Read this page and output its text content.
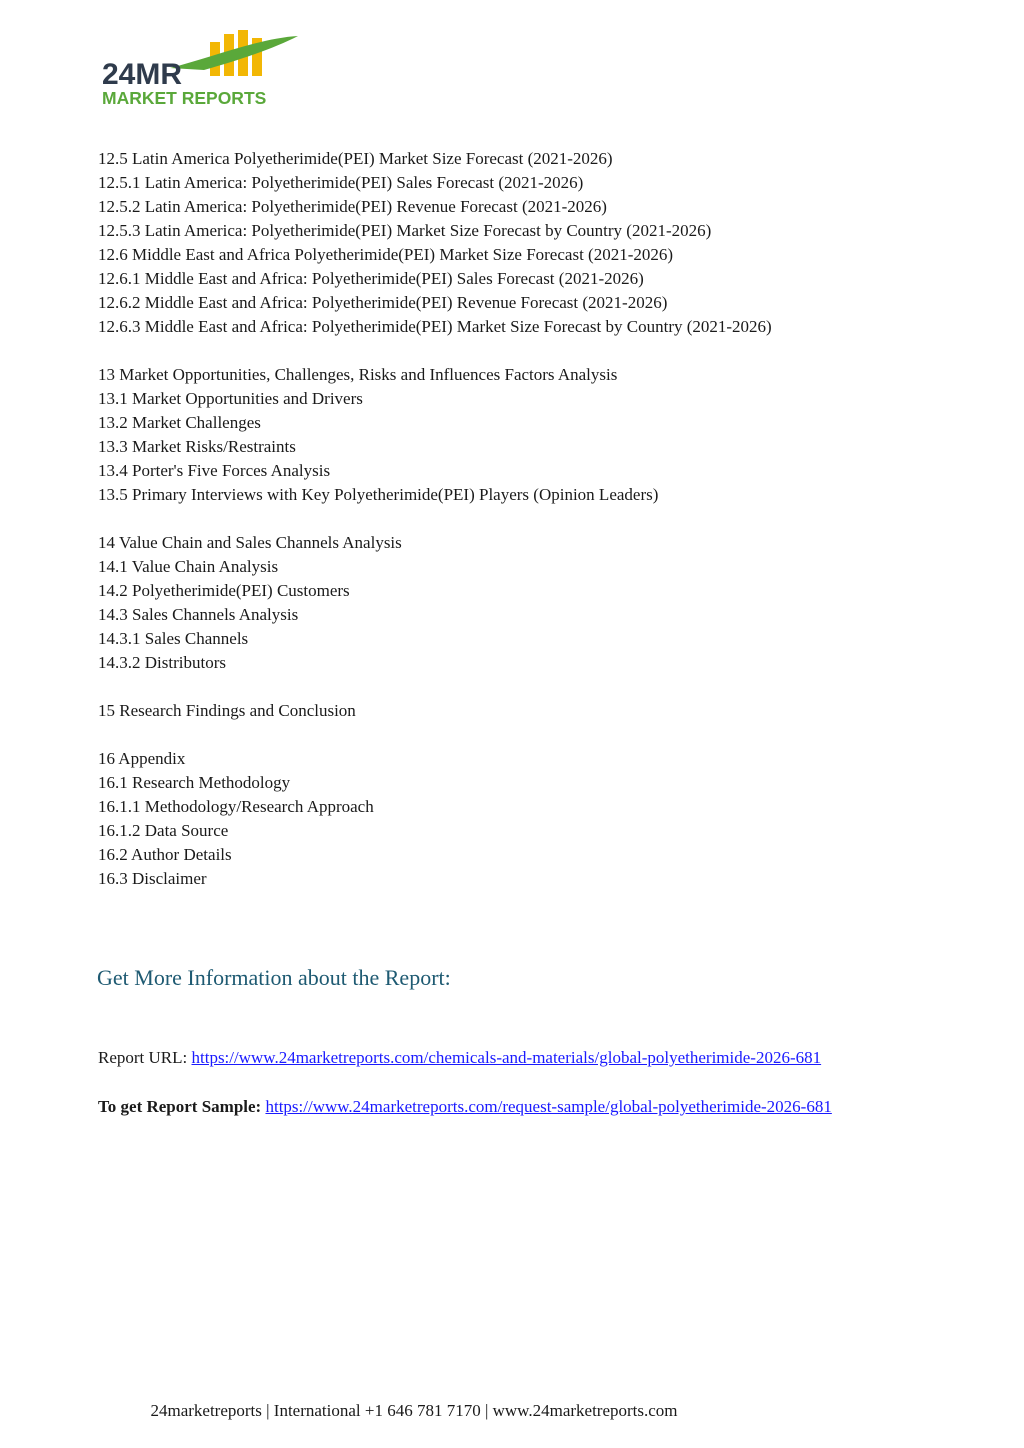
24MR
MARKET REPORTS
12.5 Latin America Polyetherimide(PEI) Market Size Forecast (2021-2026)
12.5.1 Latin America: Polyetherimide(PEI) Sales Forecast (2021-2026)
12.5.2 Latin America: Polyetherimide(PEI) Revenue Forecast (2021-2026)
12.5.3 Latin America: Polyetherimide(PEI) Market Size Forecast by Country (2021-2026)
12.6 Middle East and Africa Polyetherimide(PEI) Market Size Forecast (2021-2026)
12.6.1 Middle East and Africa: Polyetherimide(PEI) Sales Forecast (2021-2026)
12.6.2 Middle East and Africa: Polyetherimide(PEI) Revenue Forecast (2021-2026)
12.6.3 Middle East and Africa: Polyetherimide(PEI) Market Size Forecast by Country (2021-2026)
13 Market Opportunities, Challenges, Risks and Influences Factors Analysis
13.1 Market Opportunities and Drivers
13.2 Market Challenges
13.3 Market Risks/Restraints
13.4 Porter's Five Forces Analysis
13.5 Primary Interviews with Key Polyetherimide(PEI) Players (Opinion Leaders)
14 Value Chain and Sales Channels Analysis
14.1 Value Chain Analysis
14.2 Polyetherimide(PEI) Customers
14.3 Sales Channels Analysis
14.3.1 Sales Channels
14.3.2 Distributors
15 Research Findings and Conclusion
16 Appendix
16.1 Research Methodology
16.1.1 Methodology/Research Approach
16.1.2 Data Source
16.2 Author Details
16.3 Disclaimer
Get More Information about the Report:
Report URL: https://www.24marketreports.com/chemicals-and-materials/global-polyetherimide-2026-681
To get Report Sample: https://www.24marketreports.com/request-sample/global-polyetherimide-2026-681
24marketreports | International +1 646 781 7170 | www.24marketreports.com
